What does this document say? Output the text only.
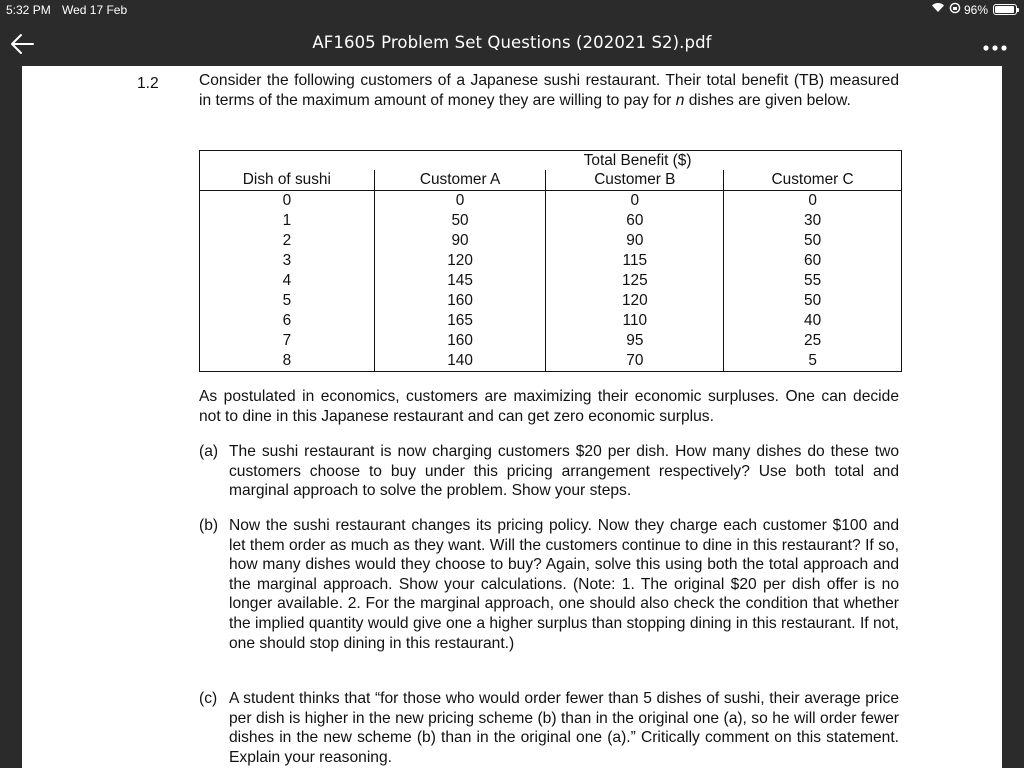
5:32 PM Wed 17 Feb	96%
AF1605 Problem Set Questions (202021 S2).pdf
1.2	Consider the following customers of a Japanese sushi restaurant. Their total benefit (TB) measured in terms of the maximum amount of money they are willing to pay for n dishes are given below.
	Total Benefit ($)		
Dish of sushi	Customer A	Customer B	Customer C
0	0	0	0
1	50	60	30
2	90	90	50
3	120	115	60
4	145	125	55
5	160	120	50
6	165	110	40
7	160	95	25
8	140	70	5
As postulated in economics, customers are maximizing their economic surpluses. One can decide not to dine in this Japanese restaurant and can get zero economic surplus.
(a) The sushi restaurant is now charging customers $20 per dish. How many dishes do these two customers choose to buy under this pricing arrangement respectively? Use both total and marginal approach to solve the problem. Show your steps.
(b) Now the sushi restaurant changes its pricing policy. Now they charge each customer $100 and let them order as much as they want. Will the customers continue to dine in this restaurant? If so, how many dishes would they choose to buy? Again, solve this using both the total approach and the marginal approach. Show your calculations. (Note: 1. The original $20 per dish offer is no longer available. 2. For the marginal approach, one should also check the condition that whether the implied quantity would give one a higher surplus than stopping dining in this restaurant. If not, one should stop dining in this restaurant.)
(c) A student thinks that “for those who would order fewer than 5 dishes of sushi, their average price per dish is higher in the new pricing scheme (b) than in the original one (a), so he will order fewer dishes in the new scheme (b) than in the original one (a).” Critically comment on this statement. Explain your reasoning.
